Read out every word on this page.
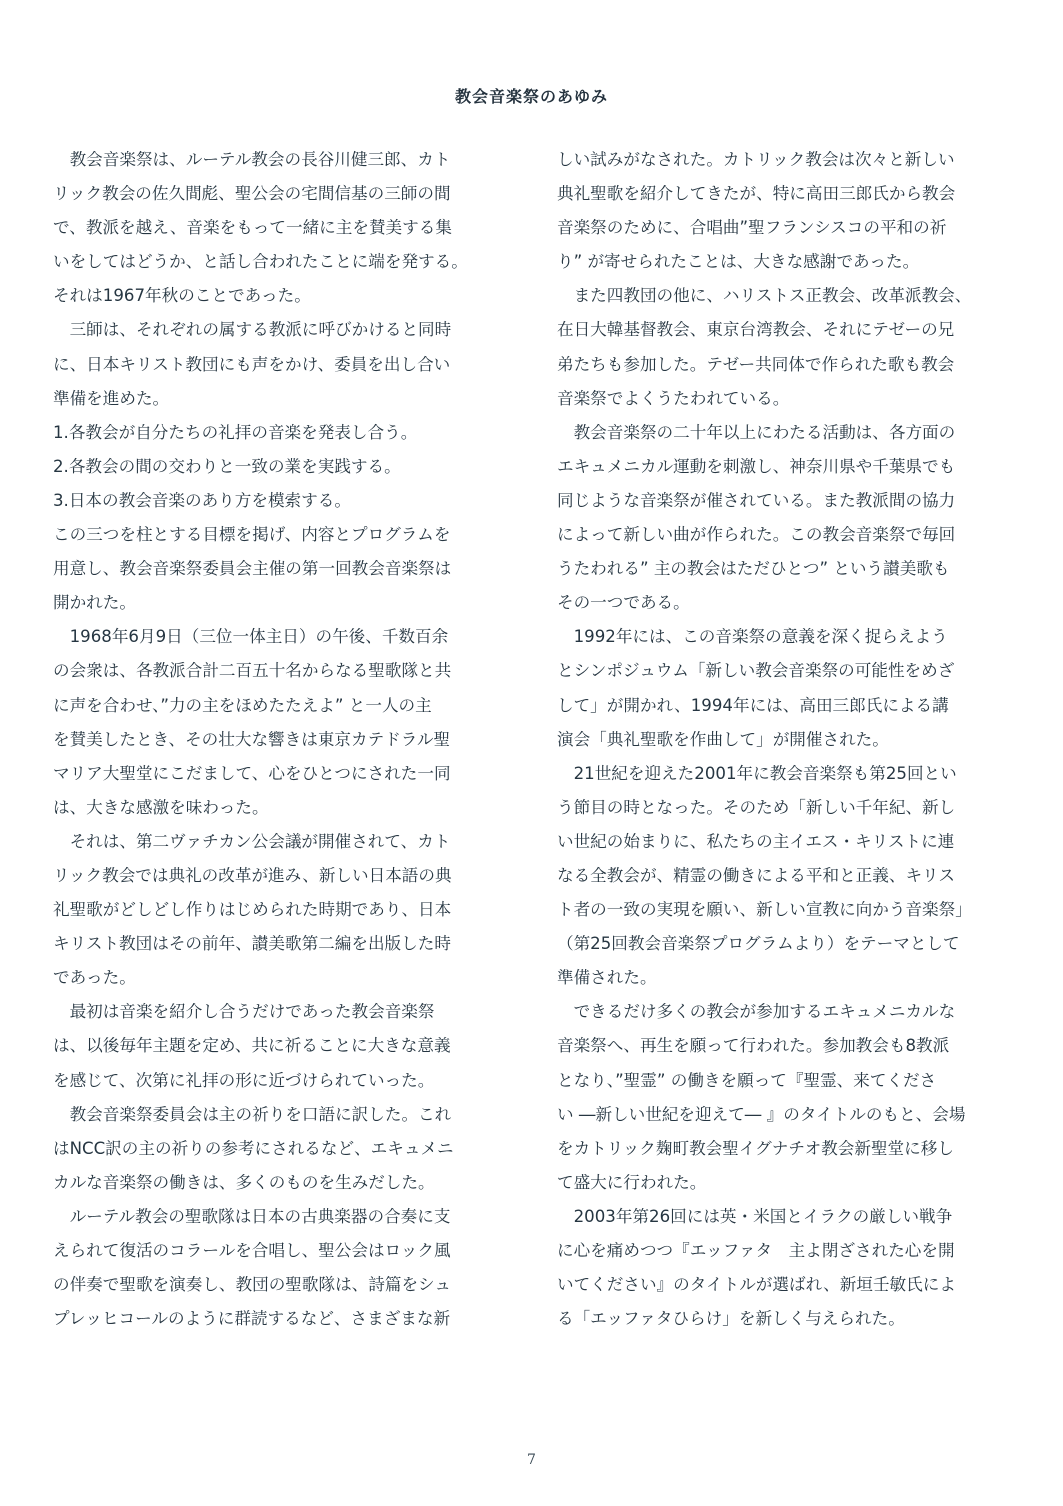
教会音楽祭のあゆみ
　教会音楽祭は、ルーテル教会の長谷川健三郎、カト
リック教会の佐久間彪、聖公会の宅間信基の三師の間
で、教派を越え、音楽をもって一緒に主を賛美する集
いをしてはどうか、と話し合われたことに端を発する。
それは1967年秋のことであった。
　三師は、それぞれの属する教派に呼びかけると同時
に、日本キリスト教団にも声をかけ、委員を出し合い
準備を進めた。
1.各教会が自分たちの礼拝の音楽を発表し合う。
2.各教会の間の交わりと一致の業を実践する。
3.日本の教会音楽のあり方を模索する。
この三つを柱とする目標を掲げ、内容とプログラムを
用意し、教会音楽祭委員会主催の第一回教会音楽祭は
開かれた。
　1968年6月9日（三位一体主日）の午後、千数百余
の会衆は、各教派合計二百五十名からなる聖歌隊と共
に声を合わせ、”力の主をほめたたえよ” と一人の主
を賛美したとき、その壮大な響きは東京カテドラル聖
マリア大聖堂にこだまして、心をひとつにされた一同
は、大きな感激を味わった。
　それは、第二ヴァチカン公会議が開催されて、カト
リック教会では典礼の改革が進み、新しい日本語の典
礼聖歌がどしどし作りはじめられた時期であり、日本
キリスト教団はその前年、讃美歌第二編を出版した時
であった。
　最初は音楽を紹介し合うだけであった教会音楽祭
は、以後毎年主題を定め、共に祈ることに大きな意義
を感じて、次第に礼拝の形に近づけられていった。
　教会音楽祭委員会は主の祈りを口語に訳した。これ
はNCC訳の主の祈りの参考にされるなど、エキュメニ
カルな音楽祭の働きは、多くのものを生みだした。
　ルーテル教会の聖歌隊は日本の古典楽器の合奏に支
えられて復活のコラールを合唱し、聖公会はロック風
の伴奏で聖歌を演奏し、教団の聖歌隊は、詩篇をシュ
プレッヒコールのように群読するなど、さまざまな新
しい試みがなされた。カトリック教会は次々と新しい
典礼聖歌を紹介してきたが、特に高田三郎氏から教会
音楽祭のために、合唱曲”聖フランシスコの平和の祈
り” が寄せられたことは、大きな感謝であった。
　また四教団の他に、ハリストス正教会、改革派教会、
在日大韓基督教会、東京台湾教会、それにテゼーの兄
弟たちも参加した。テゼー共同体で作られた歌も教会
音楽祭でよくうたわれている。
　教会音楽祭の二十年以上にわたる活動は、各方面の
エキュメニカル運動を刺激し、神奈川県や千葉県でも
同じような音楽祭が催されている。また教派間の協力
によって新しい曲が作られた。この教会音楽祭で毎回
うたわれる” 主の教会はただひとつ” という讃美歌も
その一つである。
　1992年には、この音楽祭の意義を深く捉らえよう
とシンポジュウム「新しい教会音楽祭の可能性をめざ
して」が開かれ、1994年には、高田三郎氏による講
演会「典礼聖歌を作曲して」が開催された。
　21世紀を迎えた2001年に教会音楽祭も第25回とい
う節目の時となった。そのため「新しい千年紀、新し
い世紀の始まりに、私たちの主イエス・キリストに連
なる全教会が、精霊の働きによる平和と正義、キリス
ト者の一致の実現を願い、新しい宣教に向かう音楽祭」
（第25回教会音楽祭プログラムより）をテーマとして
準備された。
　できるだけ多くの教会が参加するエキュメニカルな
音楽祭へ、再生を願って行われた。参加教会も8教派
となり、”聖霊” の働きを願って『聖霊、来てくださ
い ―新しい世紀を迎えて― 』のタイトルのもと、会場
をカトリック麹町教会聖イグナチオ教会新聖堂に移し
て盛大に行われた。
　2003年第26回には英・米国とイラクの厳しい戦争
に心を痛めつつ『エッファタ　主よ閉ざされた心を開
いてください』のタイトルが選ばれ、新垣壬敏氏によ
る「エッファタひらけ」を新しく与えられた。
7
